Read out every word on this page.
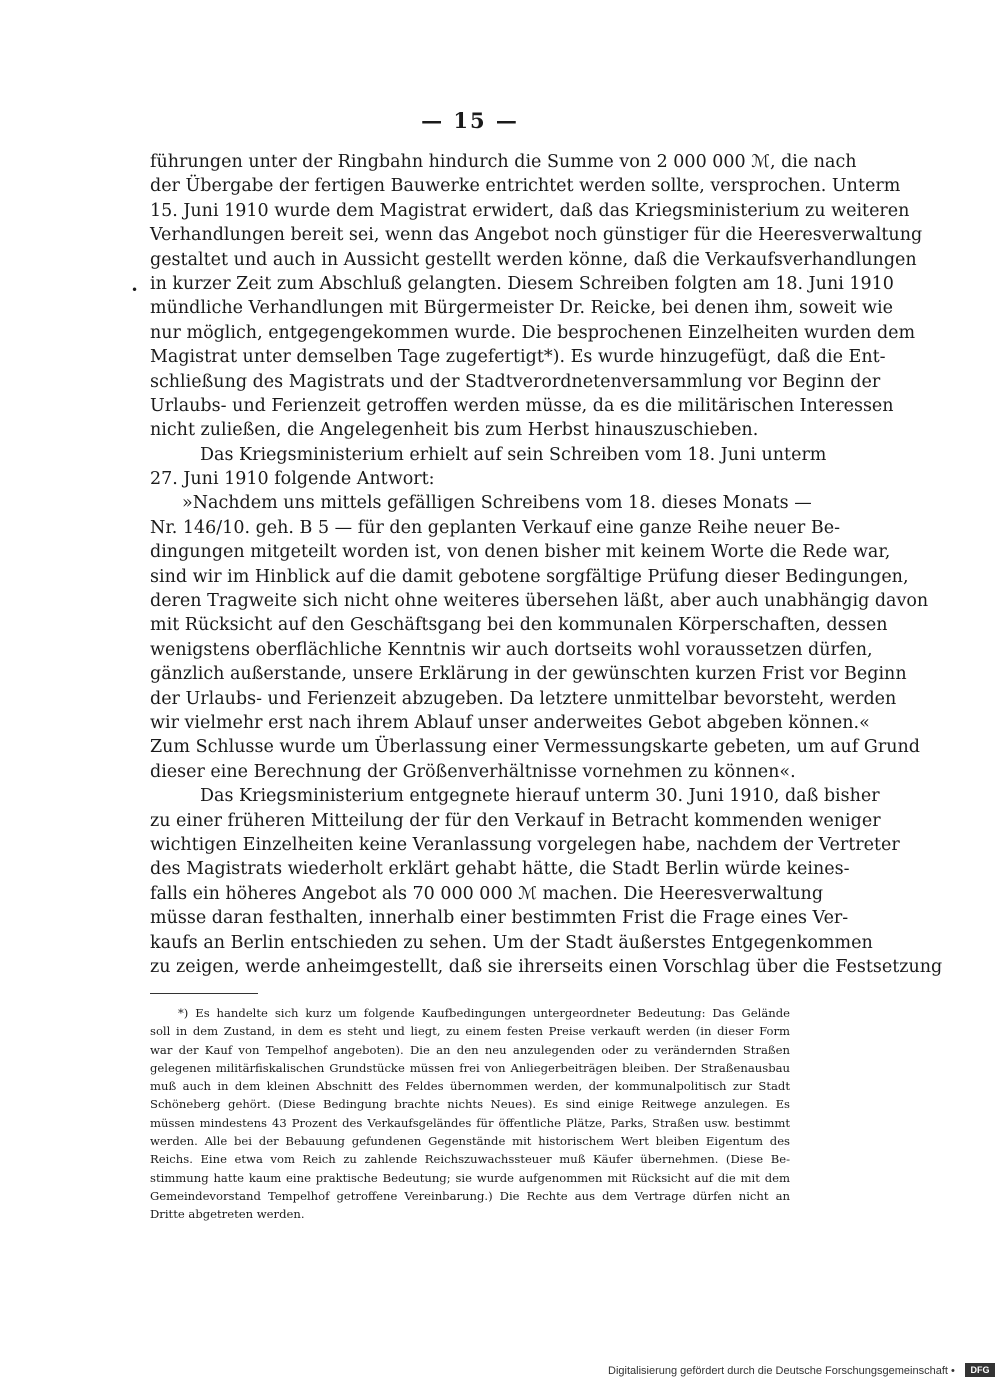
— 15 —
•
führungen unter der Ringbahn hindurch die Summe von 2 000 000 ℳ, die nach
der Übergabe der fertigen Bauwerke entrichtet werden sollte, versprochen. Unterm
15. Juni 1910 wurde dem Magistrat erwidert, daß das Kriegsministerium zu weiteren
Verhandlungen bereit sei, wenn das Angebot noch günstiger für die Heeresverwaltung
gestaltet und auch in Aussicht gestellt werden könne, daß die Verkaufsverhandlungen
in kurzer Zeit zum Abschluß gelangten. Diesem Schreiben folgten am 18. Juni 1910
mündliche Verhandlungen mit Bürgermeister Dr. Reicke, bei denen ihm, soweit wie
nur möglich, entgegengekommen wurde. Die besprochenen Einzelheiten wurden dem
Magistrat unter demselben Tage zugefertigt*). Es wurde hinzugefügt, daß die Ent-
schließung des Magistrats und der Stadtverordnetenversammlung vor Beginn der
Urlaubs- und Ferienzeit getroffen werden müsse, da es die militärischen Interessen
nicht zuließen, die Angelegenheit bis zum Herbst hinauszuschieben.
Das Kriegsministerium erhielt auf sein Schreiben vom 18. Juni unterm
27. Juni 1910 folgende Antwort:
»Nachdem uns mittels gefälligen Schreibens vom 18. dieses Monats —
Nr. 146/10. geh. B 5 — für den geplanten Verkauf eine ganze Reihe neuer Be-
dingungen mitgeteilt worden ist, von denen bisher mit keinem Worte die Rede war,
sind wir im Hinblick auf die damit gebotene sorgfältige Prüfung dieser Bedingungen,
deren Tragweite sich nicht ohne weiteres übersehen läßt, aber auch unabhängig davon
mit Rücksicht auf den Geschäftsgang bei den kommunalen Körperschaften, dessen
wenigstens oberflächliche Kenntnis wir auch dortseits wohl voraussetzen dürfen,
gänzlich außerstande, unsere Erklärung in der gewünschten kurzen Frist vor Beginn
der Urlaubs- und Ferienzeit abzugeben. Da letztere unmittelbar bevorsteht, werden
wir vielmehr erst nach ihrem Ablauf unser anderweites Gebot abgeben können.«
Zum Schlusse wurde um Überlassung einer Vermessungskarte gebeten, um auf Grund
dieser eine Berechnung der Größenverhältnisse vornehmen zu können«.
Das Kriegsministerium entgegnete hierauf unterm 30. Juni 1910, daß bisher
zu einer früheren Mitteilung der für den Verkauf in Betracht kommenden weniger
wichtigen Einzelheiten keine Veranlassung vorgelegen habe, nachdem der Vertreter
des Magistrats wiederholt erklärt gehabt hätte, die Stadt Berlin würde keines-
falls ein höheres Angebot als 70 000 000 ℳ machen. Die Heeresverwaltung
müsse daran festhalten, innerhalb einer bestimmten Frist die Frage eines Ver-
kaufs an Berlin entschieden zu sehen. Um der Stadt äußerstes Entgegenkommen
zu zeigen, werde anheimgestellt, daß sie ihrerseits einen Vorschlag über die Festsetzung
*) Es handelte sich kurz um folgende Kaufbedingungen untergeordneter Bedeutung: Das Gelände
soll in dem Zustand, in dem es steht und liegt, zu einem festen Preise verkauft werden (in dieser Form
war der Kauf von Tempelhof angeboten). Die an den neu anzulegenden oder zu verändernden Straßen
gelegenen militärfiskalischen Grundstücke müssen frei von Anliegerbeiträgen bleiben. Der Straßenausbau
muß auch in dem kleinen Abschnitt des Feldes übernommen werden, der kommunalpolitisch zur Stadt
Schöneberg gehört. (Diese Bedingung brachte nichts Neues). Es sind einige Reitwege anzulegen. Es
müssen mindestens 43 Prozent des Verkaufsgeländes für öffentliche Plätze, Parks, Straßen usw. bestimmt
werden. Alle bei der Bebauung gefundenen Gegenstände mit historischem Wert bleiben Eigentum des
Reichs. Eine etwa vom Reich zu zahlende Reichszuwachssteuer muß Käufer übernehmen. (Diese Be-
stimmung hatte kaum eine praktische Bedeutung; sie wurde aufgenommen mit Rücksicht auf die mit dem
Gemeindevorstand Tempelhof getroffene Vereinbarung.) Die Rechte aus dem Vertrage dürfen nicht an
Dritte abgetreten werden.
Digitalisierung gefördert durch die Deutsche Forschungsgemeinschaft •	DFG
